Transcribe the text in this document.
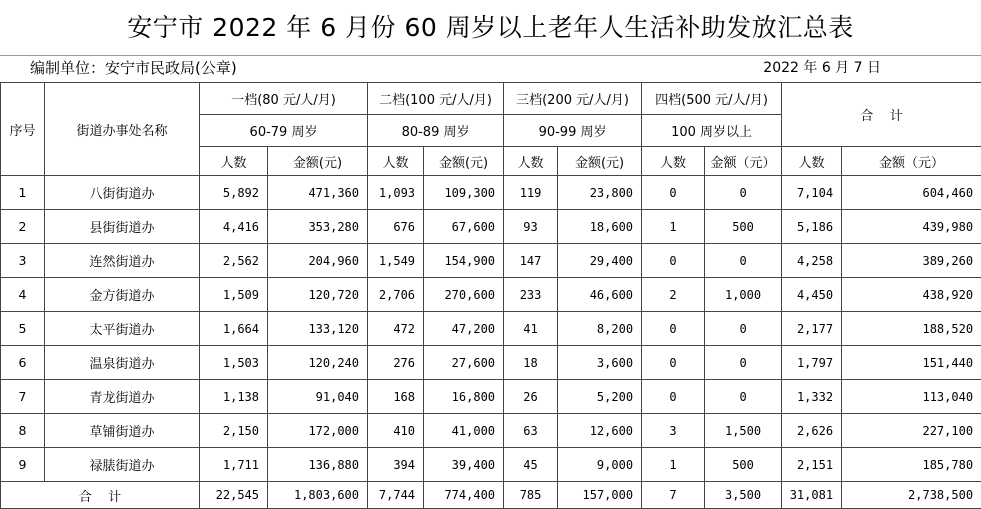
安宁市 2022 年 6 月份 60 周岁以上老年人生活补助发放汇总表
编制单位：安宁市民政局(公章)	2022 年 6 月 7 日
序号	街道办事处名称	一档(80 元/人/月)		二档(100 元/人/月)		三档(200 元/人/月)		四档(500 元/人/月)		合    计	
		60-79 周岁		80-89 周岁		90-99 周岁		100 周岁以上			
		人数	金额(元)	人数	金额(元)	人数	金额(元)	人数	金额（元）	人数	金额（元）
1	八街街道办	5,892	471,360	1,093	109,300	119	23,800	0	0	7,104	604,460
2	县街街道办	4,416	353,280	676	67,600	93	18,600	1	500	5,186	439,980
3	连然街道办	2,562	204,960	1,549	154,900	147	29,400	0	0	4,258	389,260
4	金方街道办	1,509	120,720	2,706	270,600	233	46,600	2	1,000	4,450	438,920
5	太平街道办	1,664	133,120	472	47,200	41	8,200	0	0	2,177	188,520
6	温泉街道办	1,503	120,240	276	27,600	18	3,600	0	0	1,797	151,440
7	青龙街道办	1,138	91,040	168	16,800	26	5,200	0	0	1,332	113,040
8	草铺街道办	2,150	172,000	410	41,000	63	12,600	3	1,500	2,626	227,100
9	禄脿街道办	1,711	136,880	394	39,400	45	9,000	1	500	2,151	185,780
合    计		22,545	1,803,600	7,744	774,400	785	157,000	7	3,500	31,081	2,738,500
